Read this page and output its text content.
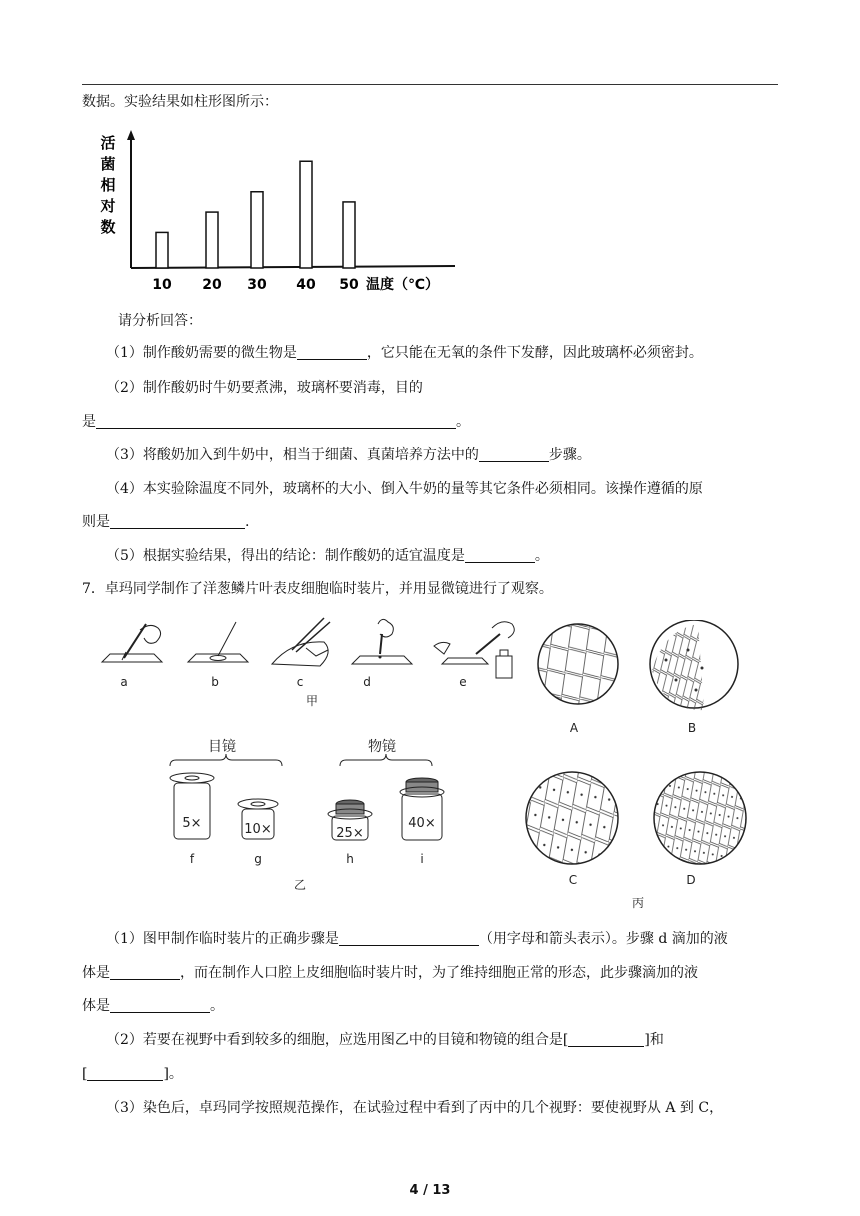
数据。实验结果如柱形图所示：
活
菌
相
对
数
10 20 30 40 50 温度（℃）
请分析回答：
（1）制作酸奶需要的微生物是	，它只能在无氧的条件下发酵，因此玻璃杯必须密封。
（2）制作酸奶时牛奶要煮沸，玻璃杯要消毒，目的
是	。
（3）将酸奶加入到牛奶中，相当于细菌、真菌培养方法中的	步骤。
（4）本实验除温度不同外，玻璃杯的大小、倒入牛奶的量等其它条件必须相同。该操作遵循的原
则是	.
（5）根据实验结果，得出的结论：制作酸奶的适宜温度是	。
7．卓玛同学制作了洋葱鳞片叶表皮细胞临时装片，并用显微镜进行了观察。
a	b	c	d	e
甲
A	B
目镜	物镜
5×	10×	25×
40×
f	g	h	i
乙	C	D
丙
（1）图甲制作临时装片的正确步骤是	（用字母和箭头表示）。步骤 d 滴加的液
体是	，而在制作人口腔上皮细胞临时装片时，为了维持细胞正常的形态，此步骤滴加的液
体是	。
（2）若要在视野中看到较多的细胞，应选用图乙中的目镜和物镜的组合是[	]和
[	]。
（3）染色后，卓玛同学按照规范操作，在试验过程中看到了丙中的几个视野：要使视野从 A 到 C，
4 / 13
